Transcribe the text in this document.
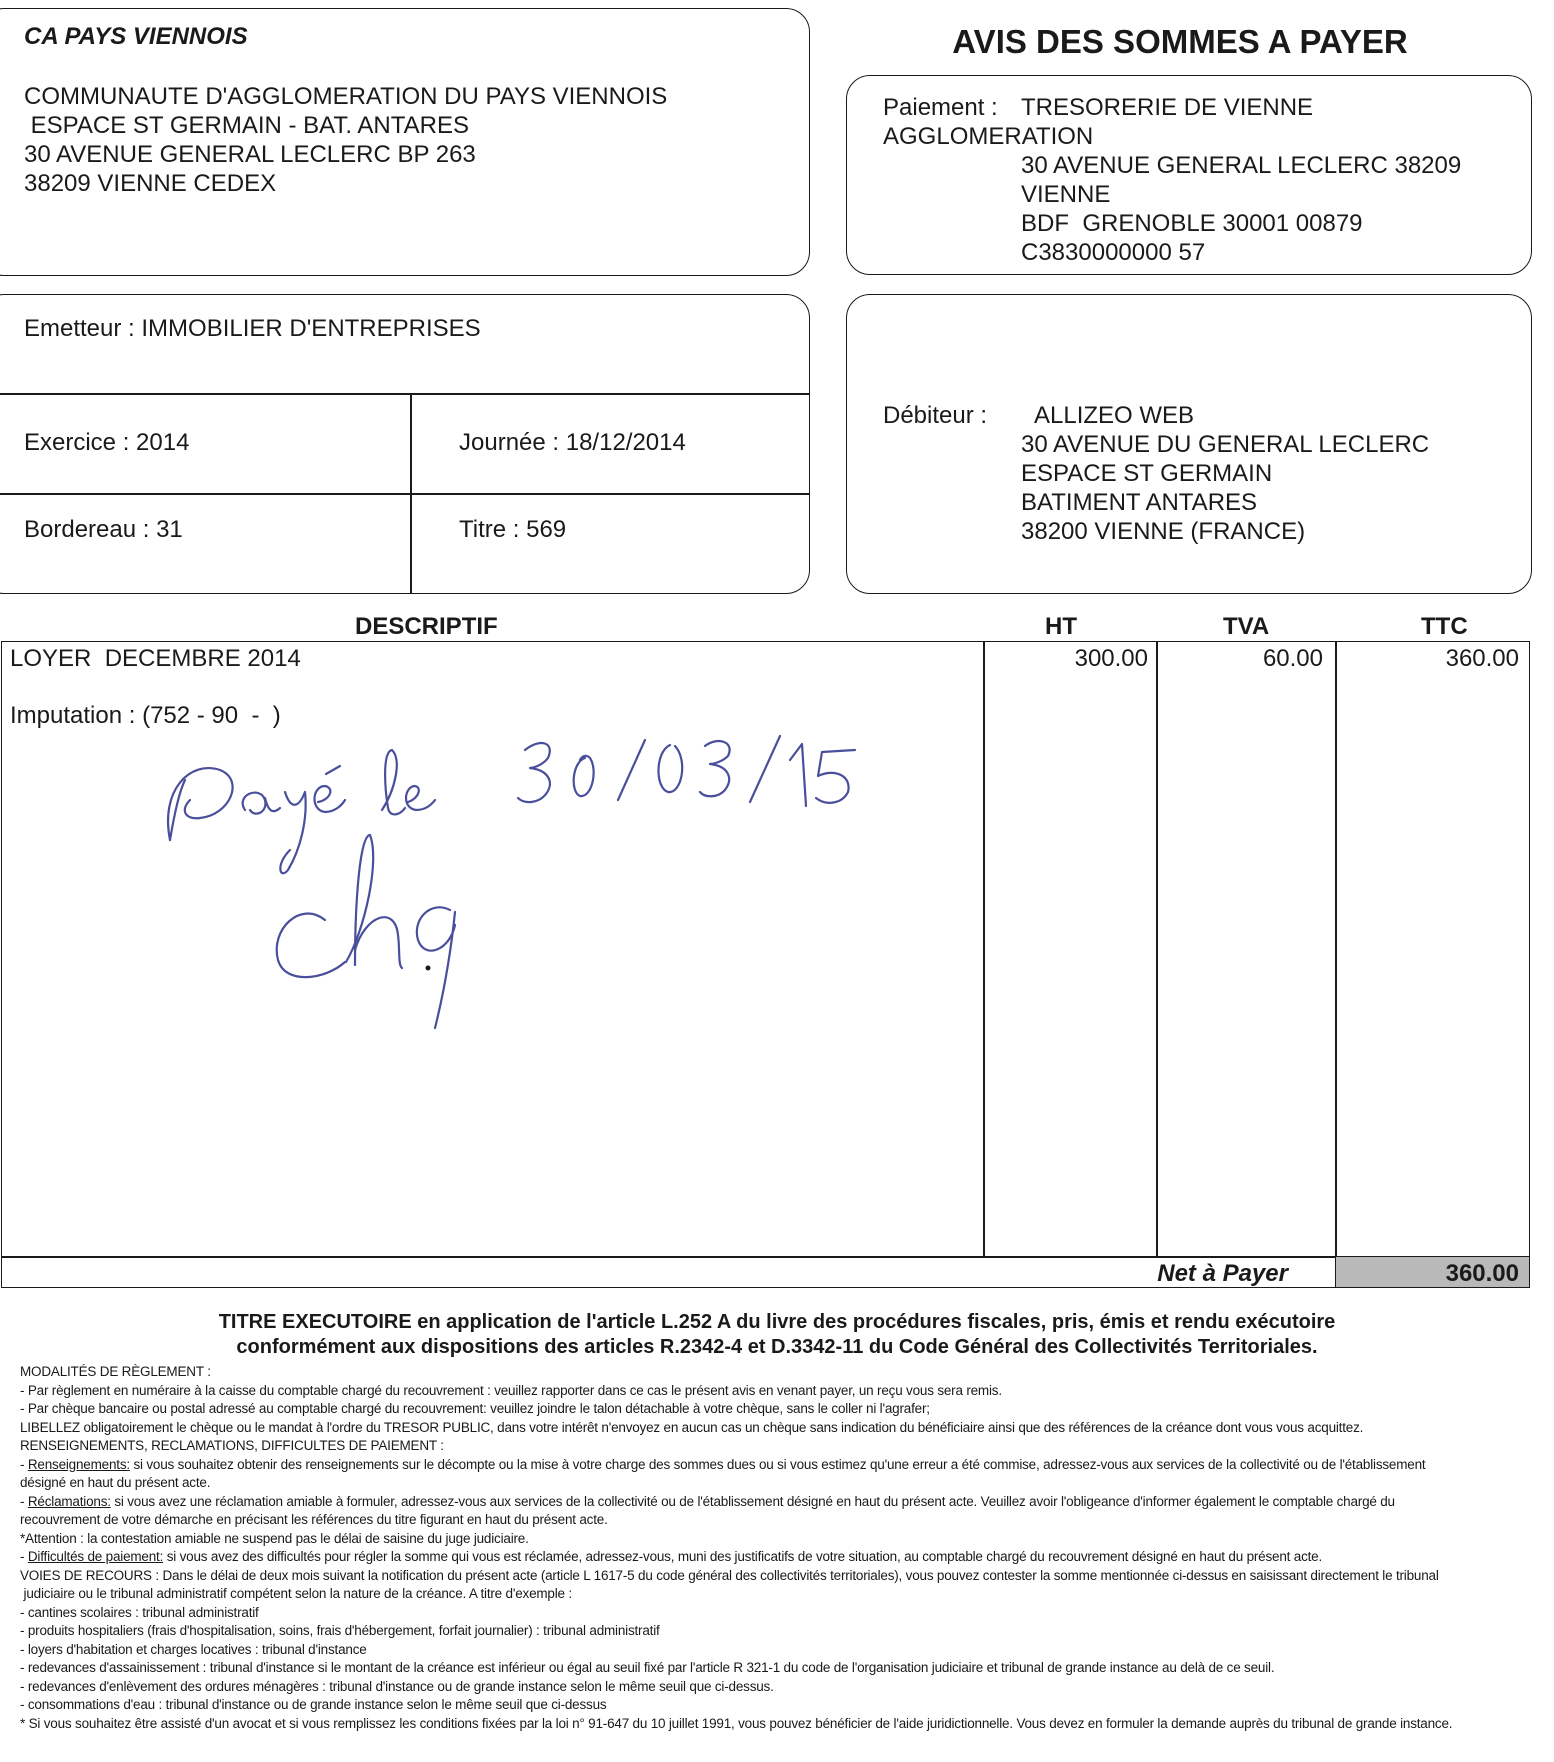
CA PAYS VIENNOIS
COMMUNAUTE D'AGGLOMERATION DU PAYS VIENNOIS
ESPACE ST GERMAIN - BAT. ANTARES
30 AVENUE GENERAL LECLERC BP 263
38209 VIENNE CEDEX
AVIS DES SOMMES A PAYER
Paiement : TRESORERIE DE VIENNE
AGGLOMERATION
30 AVENUE GENERAL LECLERC 38209
VIENNE
BDF  GRENOBLE 30001 00879
C3830000000 57
Emetteur : IMMOBILIER D'ENTREPRISES
Exercice : 2014	Journée : 18/12/2014
Bordereau : 31	Titre : 569
Débiteur : ALLIZEO WEB
30 AVENUE DU GENERAL LECLERC
ESPACE ST GERMAIN
BATIMENT ANTARES
38200 VIENNE (FRANCE)
DESCRIPTIF	HT	TVA	TTC
LOYER  DECEMBRE 2014
Imputation : (752 - 90  -  )
300.00	60.00	360.00
Net à Payer	360.00
TITRE EXECUTOIRE en application de l'article L.252 A du livre des procédures fiscales, pris, émis et rendu exécutoire
conformément aux dispositions des articles R.2342-4 et D.3342-11 du Code Général des Collectivités Territoriales.
MODALITÉS DE RÈGLEMENT :
- Par règlement en numéraire à la caisse du comptable chargé du recouvrement : veuillez rapporter dans ce cas le présent avis en venant payer, un reçu vous sera remis.
- Par chèque bancaire ou postal adressé au comptable chargé du recouvrement: veuillez joindre le talon détachable à votre chèque, sans le coller ni l'agrafer;
LIBELLEZ obligatoirement le chèque ou le mandat à l'ordre du TRESOR PUBLIC, dans votre intérêt n'envoyez en aucun cas un chèque sans indication du bénéficiaire ainsi que des références de la créance dont vous vous acquittez.
RENSEIGNEMENTS, RECLAMATIONS, DIFFICULTES DE PAIEMENT :
- Renseignements: si vous souhaitez obtenir des renseignements sur le décompte ou la mise à votre charge des sommes dues ou si vous estimez qu'une erreur a été commise, adressez-vous aux services de la collectivité ou de l'établissement
désigné en haut du présent acte.
- Réclamations: si vous avez une réclamation amiable à formuler, adressez-vous aux services de la collectivité ou de l'établissement désigné en haut du présent acte. Veuillez avoir l'obligeance d'informer également le comptable chargé du
recouvrement de votre démarche en précisant les références du titre figurant en haut du présent acte.
*Attention : la contestation amiable ne suspend pas le délai de saisine du juge judiciaire.
- Difficultés de paiement: si vous avez des difficultés pour régler la somme qui vous est réclamée, adressez-vous, muni des justificatifs de votre situation, au comptable chargé du recouvrement désigné en haut du présent acte.
VOIES DE RECOURS : Dans le délai de deux mois suivant la notification du présent acte (article L 1617-5 du code général des collectivités territoriales), vous pouvez contester la somme mentionnée ci-dessus en saisissant directement le tribunal
judiciaire ou le tribunal administratif compétent selon la nature de la créance. A titre d'exemple :
- cantines scolaires : tribunal administratif
- produits hospitaliers (frais d'hospitalisation, soins, frais d'hébergement, forfait journalier) : tribunal administratif
- loyers d'habitation et charges locatives : tribunal d'instance
- redevances d'assainissement : tribunal d'instance si le montant de la créance est inférieur ou égal au seuil fixé par l'article R 321-1 du code de l'organisation judiciaire et tribunal de grande instance au delà de ce seuil.
- redevances d'enlèvement des ordures ménagères : tribunal d'instance ou de grande instance selon le même seuil que ci-dessus.
- consommations d'eau : tribunal d'instance ou de grande instance selon le même seuil que ci-dessus
* Si vous souhaitez être assisté d'un avocat et si vous remplissez les conditions fixées par la loi n° 91-647 du 10 juillet 1991, vous pouvez bénéficier de l'aide juridictionnelle. Vous devez en formuler la demande auprès du tribunal de grande instance.
